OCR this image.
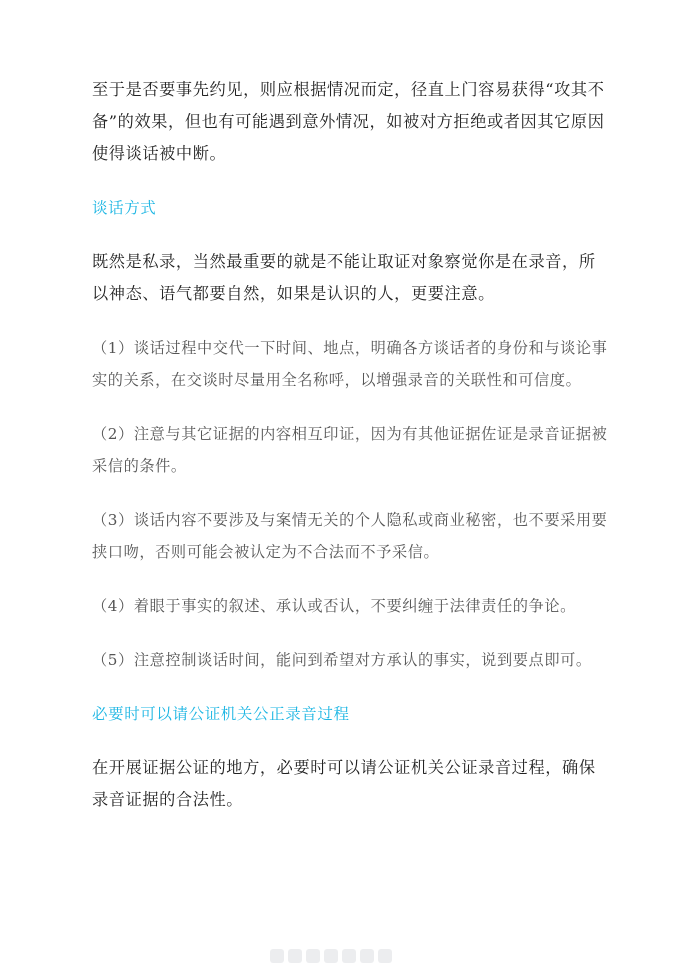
至于是否要事先约见，则应根据情况而定，径直上门容易获得“攻其不备”的效果，但也有可能遇到意外情况，如被对方拒绝或者因其它原因使得谈话被中断。

谈话方式

既然是私录，当然最重要的就是不能让取证对象察觉你是在录音，所以神态、语气都要自然，如果是认识的人，更要注意。

（1）谈话过程中交代一下时间、地点，明确各方谈话者的身份和与谈论事实的关系，在交谈时尽量用全名称呼，以增强录音的关联性和可信度。

（2）注意与其它证据的内容相互印证，因为有其他证据佐证是录音证据被采信的条件。

（3）谈话内容不要涉及与案情无关的个人隐私或商业秘密，也不要采用要挟口吻，否则可能会被认定为不合法而不予采信。

（4）着眼于事实的叙述、承认或否认，不要纠缠于法律责任的争论。

（5）注意控制谈话时间，能问到希望对方承认的事实，说到要点即可。

必要时可以请公证机关公正录音过程

在开展证据公证的地方，必要时可以请公证机关公证录音过程，确保录音证据的合法性。
